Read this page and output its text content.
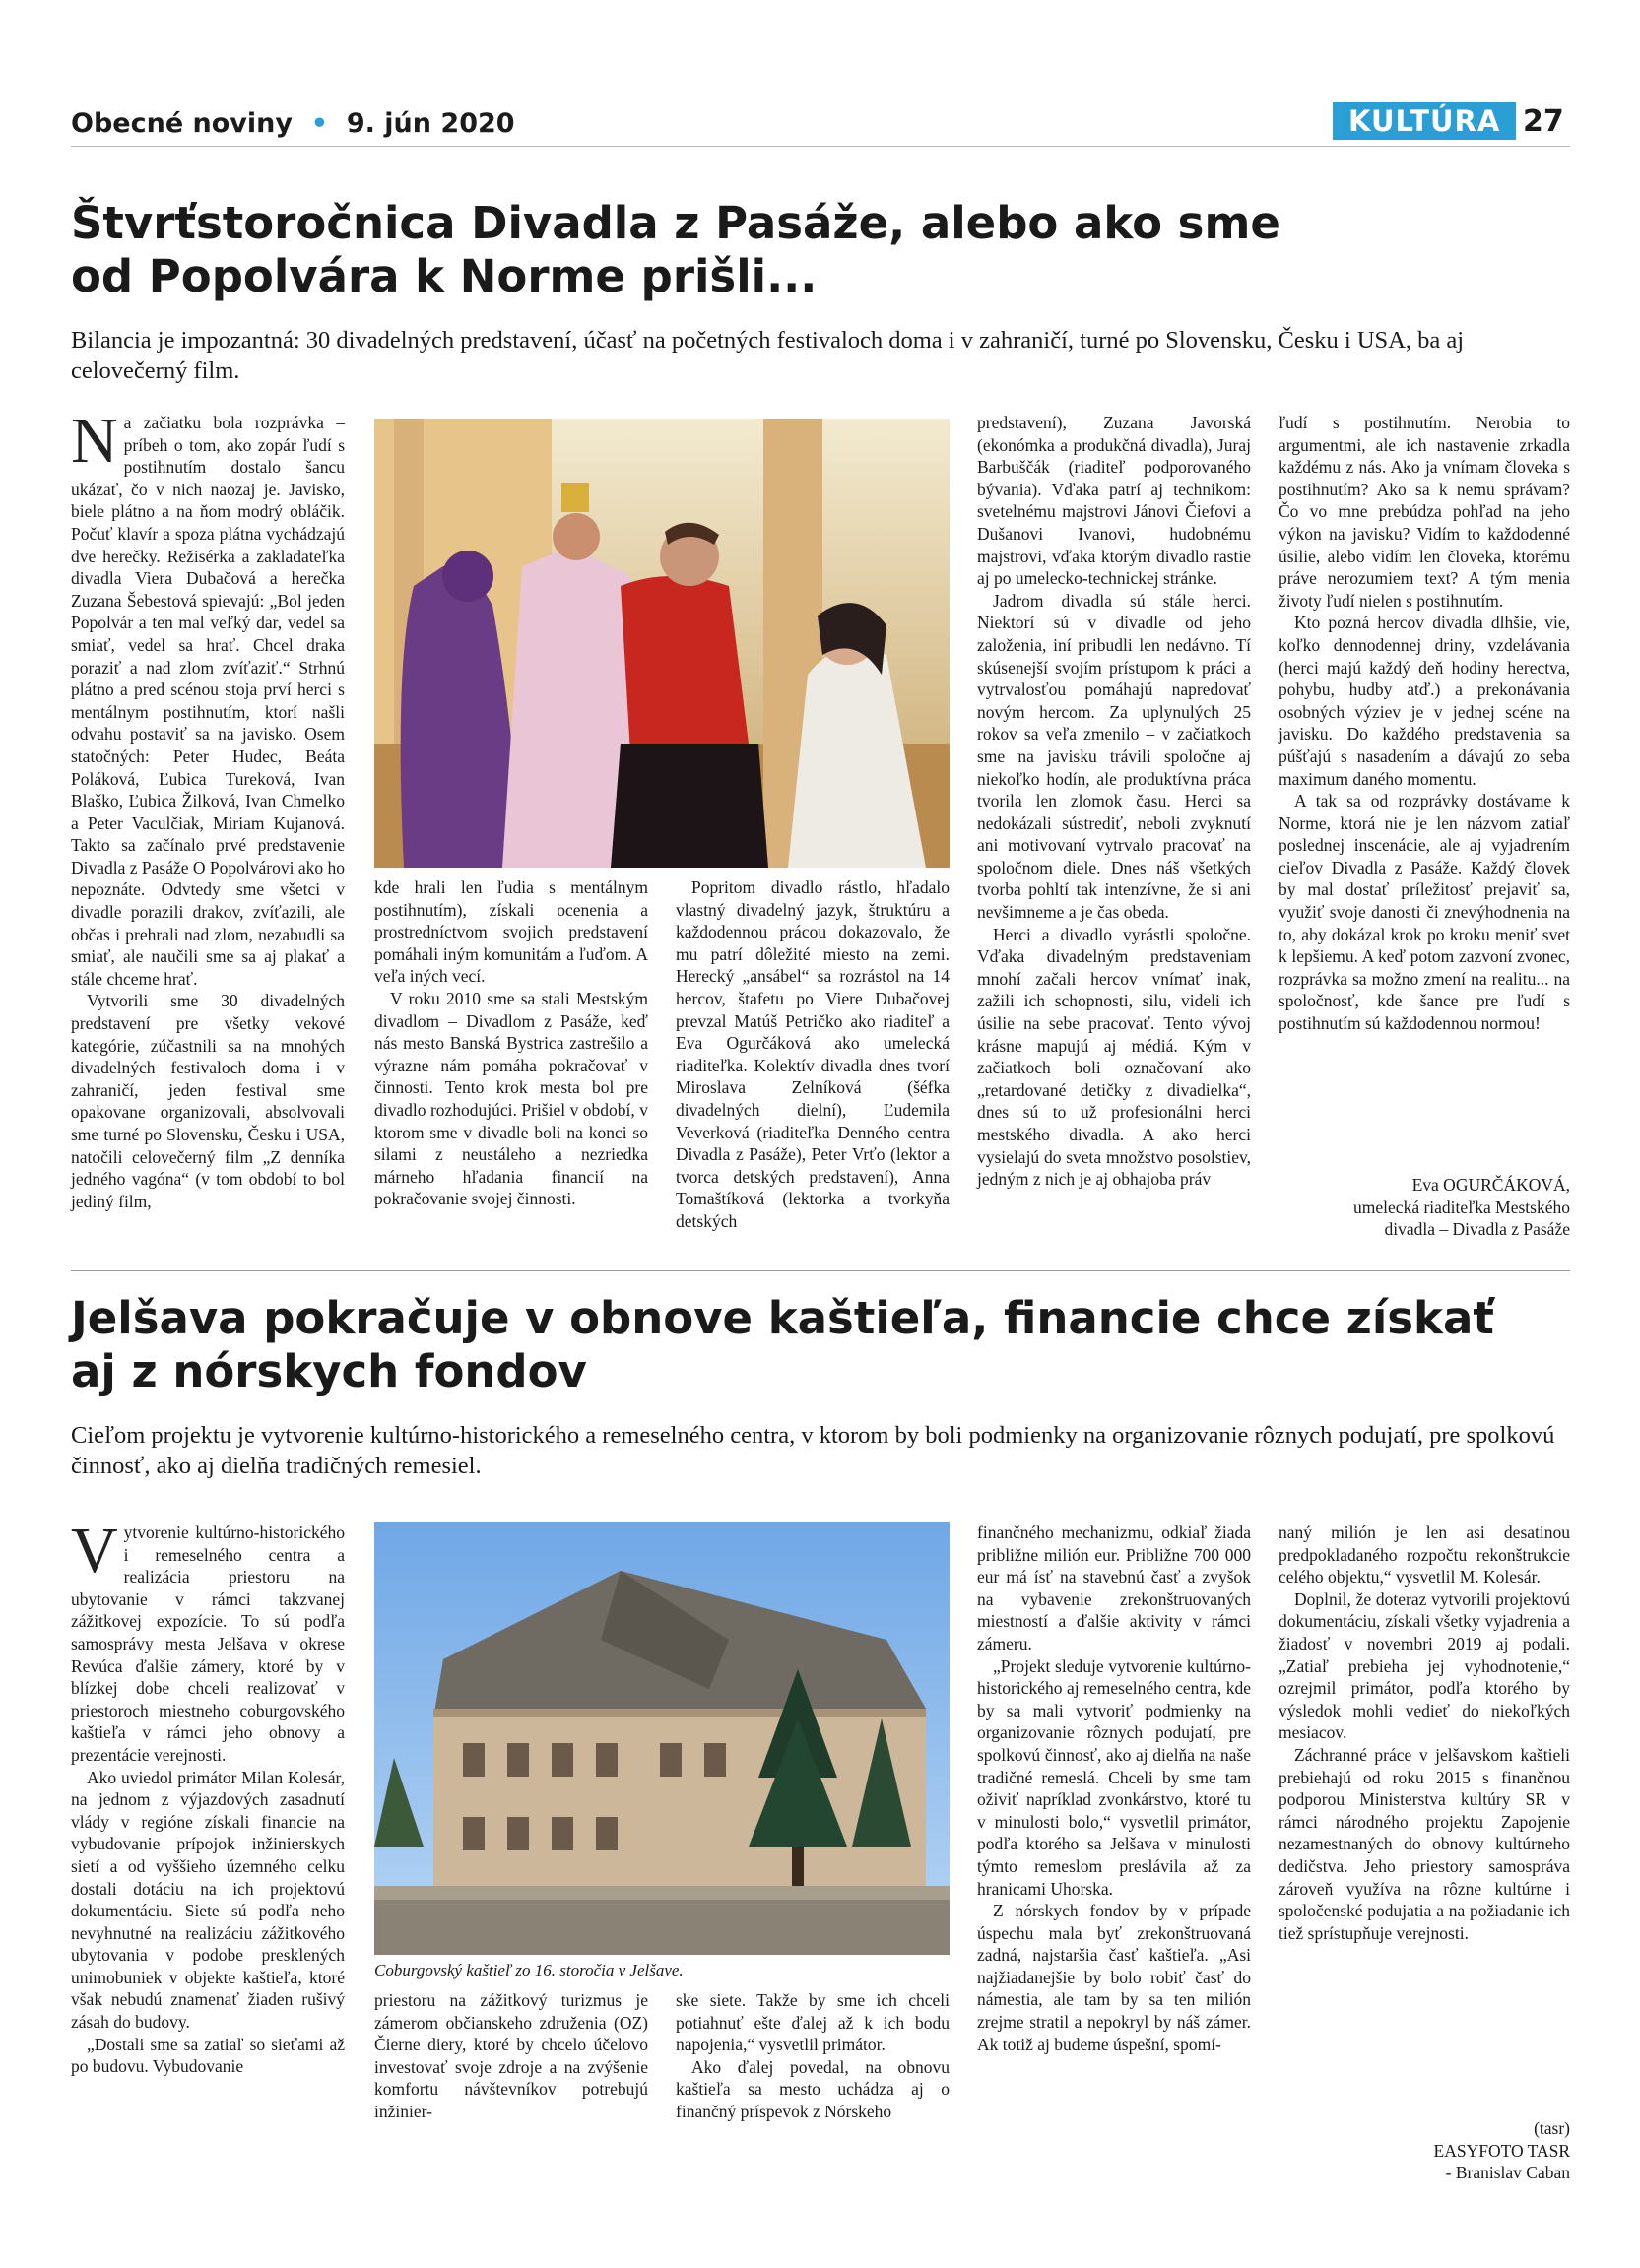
Obecné noviny  •  9. jún 2020	KULTÚRA 27
Štvrťstoročnica Divadla z Pasáže, alebo ako sme od Popolvára k Norme prišli...
Bilancia je impozantná: 30 divadelných predstavení, účasť na početných festivaloch doma i v zahraničí, turné po Slovensku, Česku i USA, ba aj celovečerný film.
N a začiatku bola rozprávka – príbeh o tom, ako zopár ľudí s postihnutím dostalo šancu ukázať, čo v nich naozaj je. Javisko, biele plátno a na ňom modrý obláčik. Počuť klavír a spoza plátna vychádzajú dve herečky. Režisérka a zakladateľka divadla Viera Dubačová a herečka Zuzana Šebestová spievajú: „Bol jeden Popolvár a ten mal veľký dar, vedel sa smiať, vedel sa hrať. Chcel draka poraziť a nad zlom zvíťaziť.“ Strhnú plátno a pred scénou stoja prví herci s mentálnym postihnutím, ktorí našli odvahu postaviť sa na javisko. Osem statočných: Peter Hudec, Beáta Poláková, Ľubica Tureková, Ivan Blaško, Ľubica Žilková, Ivan Chmelko a Peter Vaculčiak, Miriam Kujanová. Takto sa začínalo prvé predstavenie Divadla z Pasáže O Popolvárovi ako ho nepoznáte. Odvtedy sme všetci v divadle porazili drakov, zvíťazili, ale občas i prehrali nad zlom, nezabudli sa smiať, ale naučili sme sa aj plakať a stále chceme hrať.

Vytvorili sme 30 divadelných predstavení pre všetky vekové kategórie, zúčastnili sa na mnohých divadelných festivaloch doma i v zahraničí, jeden festival sme opakovane organizovali, absolvovali sme turné po Slovensku, Česku i USA, natočili celovečerný film „Z denníka jedného vagóna“ (v tom období to bol jediný film,

kde hrali len ľudia s mentálnym postihnutím), získali ocenenia a prostredníctvom svojich predstavení pomáhali iným komunitám a ľuďom. A veľa iných vecí.

V roku 2010 sme sa stali Mestským divadlom – Divadlom z Pasáže, keď nás mesto Banská Bystrica zastrešilo a výrazne nám pomáha pokračovať v činnosti. Tento krok mesta bol pre divadlo rozhodujúci. Prišiel v období, v ktorom sme v divadle boli na konci so silami z neustáleho a nezriedka márneho hľadania financií na pokračovanie svojej činnosti.

Popritom divadlo rástlo, hľadalo vlastný divadelný jazyk, štruktúru a každodennou prácou dokazovalo, že mu patrí dôležité miesto na zemi. Herecký „ansábel“ sa rozrástol na 14 hercov, štafetu po Viere Dubačovej prevzal Matúš Petričko ako riaditeľ a Eva Ogurčáková ako umelecká riaditeľka. Kolektív divadla dnes tvorí Miroslava Zelníková (šéfka divadelných dielní), Ľudemila Veverková (riaditeľka Denného centra Divadla z Pasáže), Peter Vrťo (lektor a tvorca detských predstavení), Anna Tomaštíková (lektorka a tvorkyňa detských

predstavení), Zuzana Javorská (ekonómka a produkčná divadla), Juraj Barbuščák (riaditeľ podporovaného bývania). Vďaka patrí aj technikom: svetelnému majstrovi Jánovi Čiefovi a Dušanovi Ivanovi, hudobnému majstrovi, vďaka ktorým divadlo rastie aj po umelecko-technickej stránke.

Jadrom divadla sú stále herci. Niektorí sú v divadle od jeho založenia, iní pribudli len nedávno. Tí skúsenejší svojím prístupom k práci a vytrvalosťou pomáhajú napredovať novým hercom. Za uplynulých 25 rokov sa veľa zmenilo – v začiatkoch sme na javisku trávili spoločne aj niekoľko hodín, ale produktívna práca tvorila len zlomok času. Herci sa nedokázali sústrediť, neboli zvyknutí ani motivovaní vytrvalo pracovať na spoločnom diele. Dnes náš všetkých tvorba pohltí tak intenzívne, že si ani nevšimneme a je čas obeda.

Herci a divadlo vyrástli spoločne. Vďaka divadelným predstaveniam mnohí začali hercov vnímať inak, zažili ich schopnosti, silu, videli ich úsilie na sebe pracovať. Tento vývoj krásne mapujú aj médiá. Kým v začiatkoch boli označovaní ako „retardované detičky z divadielka“, dnes sú to už profesionálni herci mestského divadla. A ako herci vysielajú do sveta množstvo posolstiev, jedným z nich je aj obhajoba práv

ľudí s postihnutím. Nerobia to argumentmi, ale ich nastavenie zrkadla každému z nás. Ako ja vnímam človeka s postihnutím? Ako sa k nemu správam? Čo vo mne prebúdza pohľad na jeho výkon na javisku? Vidím to každodenné úsilie, alebo vidím len človeka, ktorému práve nerozumiem text? A tým menia životy ľudí nielen s postihnutím.

Kto pozná hercov divadla dlhšie, vie, koľko dennodennej driny, vzdelávania (herci majú každý deň hodiny herectva, pohybu, hudby atď.) a prekonávania osobných výziev je v jednej scéne na javisku. Do každého predstavenia sa púšťajú s nasadením a dávajú zo seba maximum daného momentu.

A tak sa od rozprávky dostávame k Norme, ktorá nie je len názvom zatiaľ poslednej inscenácie, ale aj vyjadrením cieľov Divadla z Pasáže. Každý človek by mal dostať príležitosť prejaviť sa, využiť svoje danosti či znevýhodnenia na to, aby dokázal krok po kroku meniť svet k lepšiemu. A keď potom zazvoní zvonec, rozprávka sa možno zmení na realitu... na spoločnosť, kde šance pre ľudí s postihnutím sú každodennou normou!

Eva OGURČÁKOVÁ,
umelecká riaditeľka Mestského
divadla – Divadla z Pasáže
Jelšava pokračuje v obnove kaštieľa, financie chce získať aj z nórskych fondov
Cieľom projektu je vytvorenie kultúrno-historického a remeselného centra, v ktorom by boli podmienky na organizovanie rôznych podujatí, pre spolkovú činnosť, ako aj dielňa tradičných remesiel.
V ytvorenie kultúrno-historického i remeselného centra a realizácia priestoru na ubytovanie v rámci takzvanej zážitkovej expozície. To sú podľa samosprávy mesta Jelšava v okrese Revúca ďalšie zámery, ktoré by v blízkej dobe chceli realizovať v priestoroch miestneho coburgovského kaštieľa v rámci jeho obnovy a prezentácie verejnosti.

Ako uviedol primátor Milan Kolesár, na jednom z výjazdových zasadnutí vlády v regióne získali financie na vybudovanie prípojok inžinierskych sietí a od vyššieho územného celku dostali dotáciu na ich projektovú dokumentáciu. Siete sú podľa neho nevyhnutné na realizáciu zážitkového ubytovania v podobe presklených unimobuniek v objekte kaštieľa, ktoré však nebudú znamenať žiaden rušivý zásah do budovy.

„Dostali sme sa zatiaľ so sieťami až po budovu. Vybudovanie

Coburgovský kaštieľ zo 16. storočia v Jelšave.

priestoru na zážitkový turizmus je zámerom občianskeho združenia (OZ) Čierne diery, ktoré by chcelo účelovo investovať svoje zdroje a na zvýšenie komfortu návštevníkov potrebujú inžinier-

ske siete. Takže by sme ich chceli potiahnuť ešte ďalej až k ich bodu napojenia,“ vysvetlil primátor.

Ako ďalej povedal, na obnovu kaštieľa sa mesto uchádza aj o finančný príspevok z Nórskeho

finančného mechanizmu, odkiaľ žiada približne milión eur. Približne 700 000 eur má ísť na stavebnú časť a zvyšok na vybavenie zrekonštruovaných miestností a ďalšie aktivity v rámci zámeru.

„Projekt sleduje vytvorenie kultúrno-historického aj remeselného centra, kde by sa mali vytvoriť podmienky na organizovanie rôznych podujatí, pre spolkovú činnosť, ako aj dielňa na naše tradičné remeslá. Chceli by sme tam oživiť napríklad zvonkárstvo, ktoré tu v minulosti bolo,“ vysvetlil primátor, podľa ktorého sa Jelšava v minulosti týmto remeslom preslávila až za hranicami Uhorska.

Z nórskych fondov by v prípade úspechu mala byť zrekonštruovaná zadná, najstaršia časť kaštieľa. „Asi najžiadanejšie by bolo robiť časť do námestia, ale tam by sa ten milión zrejme stratil a nepokryl by náš zámer. Ak totiž aj budeme úspešní, spomí-

naný milión je len asi desatinou predpokladaného rozpočtu rekonštrukcie celého objektu,“ vysvetlil M. Kolesár.

Doplnil, že doteraz vytvorili projektovú dokumentáciu, získali všetky vyjadrenia a žiadosť v novembri 2019 aj podali. „Zatiaľ prebieha jej vyhodnotenie,“ ozrejmil primátor, podľa ktorého by výsledok mohli vedieť do niekoľkých mesiacov.

Záchranné práce v jelšavskom kaštieli prebiehajú od roku 2015 s finančnou podporou Ministerstva kultúry SR v rámci národného projektu Zapojenie nezamestnaných do obnovy kultúrneho dedičstva. Jeho priestory samospráva zároveň využíva na rôzne kultúrne i spoločenské podujatia a na požiadanie ich tiež sprístupňuje verejnosti.

(tasr)
EASYFOTO TASR
- Branislav Caban
